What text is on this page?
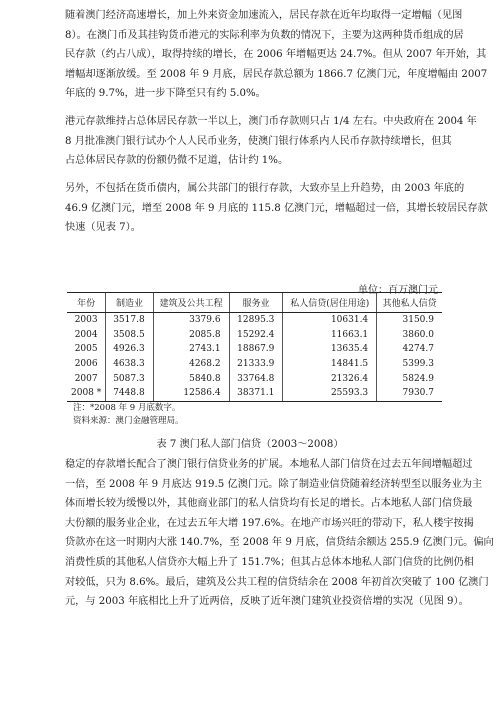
随着澳门经济高速增长，加上外来资金加速流入，居民存款在近年均取得一定增幅（见图
8）。在澳门币及其挂钩货币港元的实际利率为负数的情况下，主要为这两种货币组成的居
民存款（约占八成），取得持续的增长，在 2006 年增幅更达 24.7%。但从 2007 年开始，其
增幅却逐渐放缓。至 2008 年 9 月底，居民存款总额为 1866.7 亿澳门元，年度增幅由 2007
年底的 9.7%，进一步下降至只有约 5.0%。
港元存款维持占总体居民存款一半以上，澳门币存款则只占 1/4 左右。中央政府在 2004 年
8 月批准澳门银行试办个人人民币业务，使澳门银行体系内人民币存款持续增长，但其
占总体居民存款的份额仍微不足道，估计约 1%。
另外，不包括在货币债内，属公共部门的银行存款，大致亦呈上升趋势，由 2003 年底的
46.9 亿澳门元，增至 2008 年 9 月底的 115.8 亿澳门元，增幅超过一倍，其增长较居民存款
快速（见表 7）。
单位：百万澳门元
年份	制造业	建筑及公共工程	服务业	私人信贷(居住用途)	其他私人信贷
2003	3517.8	3379.6	12895.3	10631.4	3150.9
2004	3508.5	2085.8	15292.4	11663.1	3860.0
2005	4926.3	2743.1	18867.9	13635.4	4274.7
2006	4638.3	4268.2	21333.9	14841.5	5399.3
2007	5087.3	5840.8	33764.8	21326.4	5824.9
2008 *	7448.8	12586.4	38371.1	25593.3	7930.7
注：*2008 年 9 月底数字。
资料来源：澳门金融管理局。
表 7 澳门私人部门信贷（2003～2008）
稳定的存款增长配合了澳门银行信贷业务的扩展。本地私人部门信贷在过去五年间增幅超过
一倍，至 2008 年 9 月底达 919.5 亿澳门元。除了制造业信贷随着经济转型至以服务业为主
体而增长较为缓慢以外，其他商业部门的私人信贷均有长足的增长。占本地私人部门信贷最
大份额的服务业企业，在过去五年大增 197.6%。在地产市场兴旺的带动下，私人楼宇按揭
贷款亦在这一时期内大涨 140.7%，至 2008 年 9 月底，信贷结余额达 255.9 亿澳门元。偏向
消费性质的其他私人信贷亦大幅上升了 151.7%；但其占总体本地私人部门信贷的比例仍相
对较低，只为 8.6%。最后，建筑及公共工程的信贷结余在 2008 年初首次突破了 100 亿澳门
元，与 2003 年底相比上升了近两倍，反映了近年澳门建筑业投资倍增的实况（见图 9）。
